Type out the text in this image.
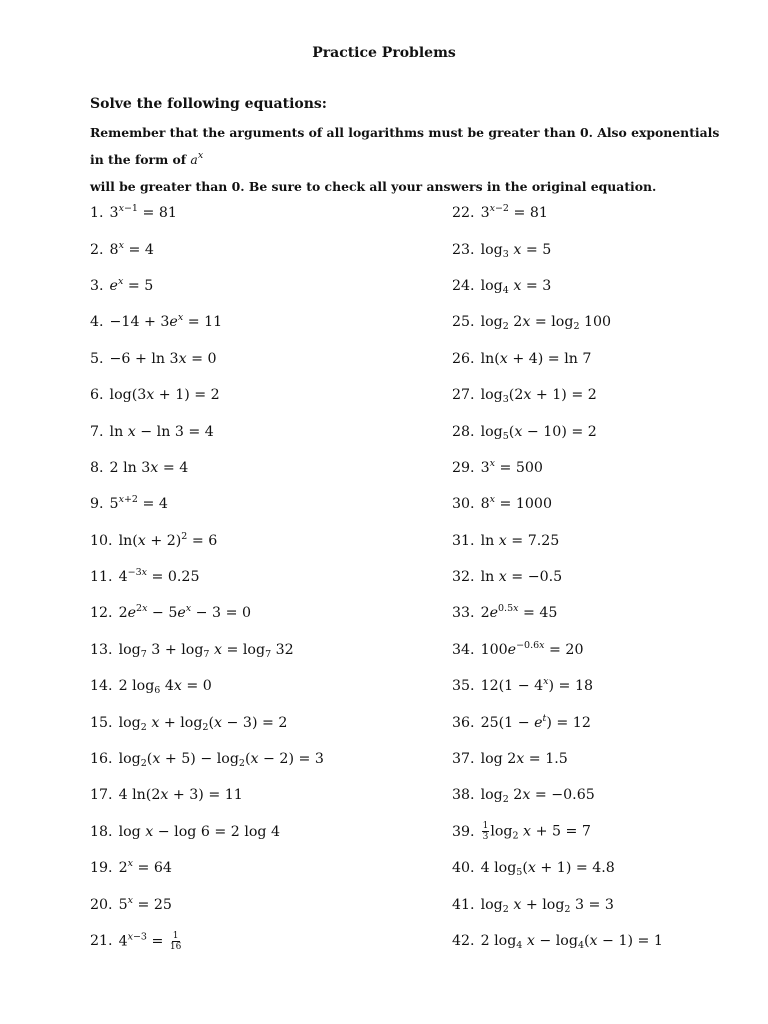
Practice Problems
Solve the following equations:
Remember that the arguments of all logarithms must be greater than 0. Also exponentials in the form of $a^x$
will be greater than 0. Be sure to check all your answers in the original equation.
1. $3^{x-1} = 81$
2. $8^x = 4$
3. $e^x = 5$
4. $-14 + 3e^x = 11$
5. −6 + ln 3x = 0
6. log(3x + 1) = 2
7. ln x − ln 3 = 4
8. 2 ln 3x = 4
9. $5^{x+2} = 4$
10. $\ln(x + 2)^2 = 6$
11. $4^{-3x} = 0.25$
12. $2e^{2x} - 5e^x - 3 = 0$
13. $\log_7 3 + \log_7 x = \log_7 32$
14. 2 $\log_6 4x = 0$
15. $\log_2 x + \log_2(x - 3) = 2$
16. $\log_2(x + 5) - \log_2(x - 2) = 3$
17. 4 ln(2x + 3) = 11
18. log x − log 6 = 2 log 4
19. $2^x = 64$
20. $5^x = 25$
21. $4^{x-3} = \frac{1}{16}$
22. $3^{x-2} = 81$
23. $\log_3 x = 5$
24. $\log_4 x = 3$
25. $\log_2 2x = \log_2 100$
26. ln(x + 4) = ln 7
27. $\log_3(2x + 1) = 2$
28. $\log_5(x - 10) = 2$
29. $3^x = 500$
30. $8^x = 1000$
31. ln x = 7.25
32. ln x = −0.5
33. $2e^{0.5x} = 45$
34. $100e^{-0.6x} = 20$
35. $12(1 - 4^x) = 18$
36. $25(1 - e^t) = 12$
37. log 2x = 1.5
38. $\log_2 2x = -0.65$
39. $\frac{1}{3} \log_2 x + 5 = 7$
40. 4 $\log_5(x + 1) = 4.8$
41. $\log_2 x + \log_2 3 = 3$
42. 2 $\log_4 x - \log_4(x - 1) = 1$
